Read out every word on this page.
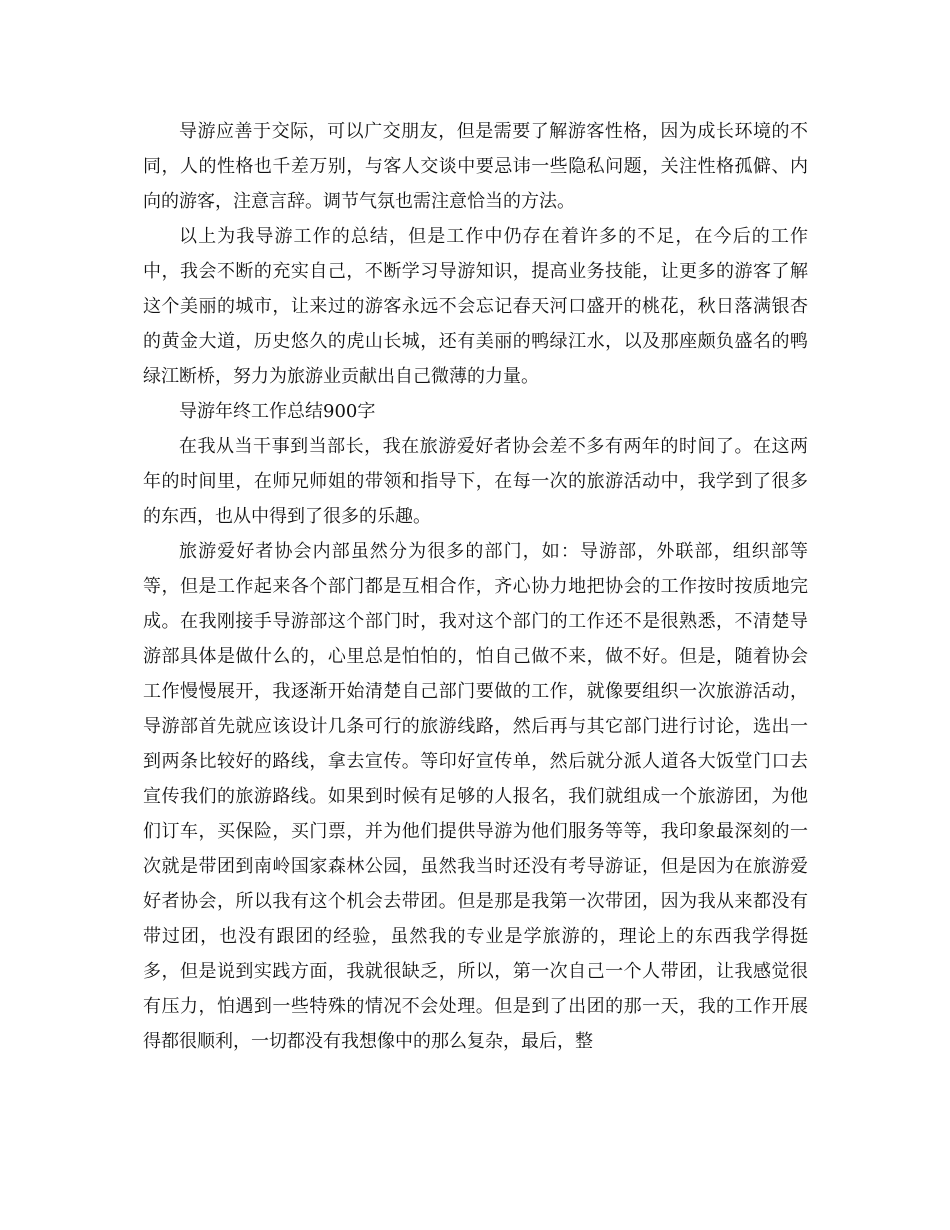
导游应善于交际，可以广交朋友，但是需要了解游客性格，因为成长环境的不同，人的性格也千差万别，与客人交谈中要忌讳一些隐私问题，关注性格孤僻、内向的游客，注意言辞。调节气氛也需注意恰当的方法。

以上为我导游工作的总结，但是工作中仍存在着许多的不足，在今后的工作中，我会不断的充实自己，不断学习导游知识，提高业务技能，让更多的游客了解这个美丽的城市，让来过的游客永远不会忘记春天河口盛开的桃花，秋日落满银杏的黄金大道，历史悠久的虎山长城，还有美丽的鸭绿江水，以及那座颇负盛名的鸭绿江断桥，努力为旅游业贡献出自己微薄的力量。

导游年终工作总结900字

在我从当干事到当部长，我在旅游爱好者协会差不多有两年的时间了。在这两年的时间里，在师兄师姐的带领和指导下，在每一次的旅游活动中，我学到了很多的东西，也从中得到了很多的乐趣。

旅游爱好者协会内部虽然分为很多的部门，如：导游部，外联部，组织部等等，但是工作起来各个部门都是互相合作，齐心协力地把协会的工作按时按质地完成。在我刚接手导游部这个部门时，我对这个部门的工作还不是很熟悉，不清楚导游部具体是做什么的，心里总是怕怕的，怕自己做不来，做不好。但是，随着协会工作慢慢展开，我逐渐开始清楚自己部门要做的工作，就像要组织一次旅游活动，导游部首先就应该设计几条可行的旅游线路，然后再与其它部门进行讨论，选出一到两条比较好的路线，拿去宣传。等印好宣传单，然后就分派人道各大饭堂门口去宣传我们的旅游路线。如果到时候有足够的人报名，我们就组成一个旅游团，为他们订车，买保险，买门票，并为他们提供导游为他们服务等等，我印象最深刻的一次就是带团到南岭国家森林公园，虽然我当时还没有考导游证，但是因为在旅游爱好者协会，所以我有这个机会去带团。但是那是我第一次带团，因为我从来都没有带过团，也没有跟团的经验，虽然我的专业是学旅游的，理论上的东西我学得挺多，但是说到实践方面，我就很缺乏，所以，第一次自己一个人带团，让我感觉很有压力，怕遇到一些特殊的情况不会处理。但是到了出团的那一天，我的工作开展得都很顺利，一切都没有我想像中的那么复杂，最后，整
